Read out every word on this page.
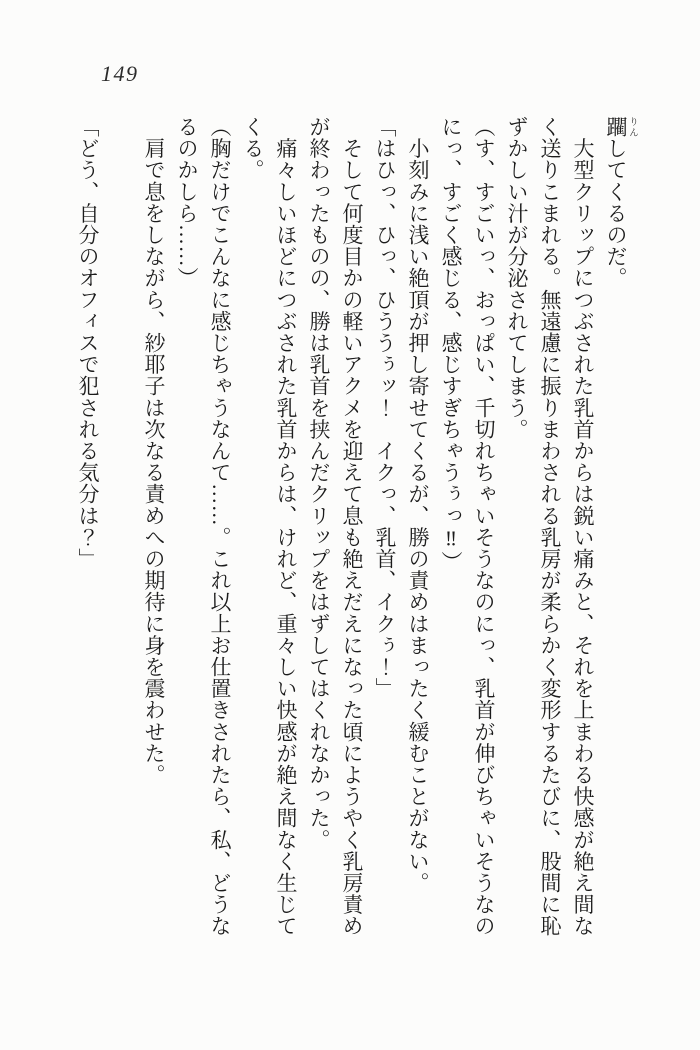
149
躙 りんしてくるのだ。
　大型クリップにつぶされた乳首からは鋭い痛みと、それを上まわる快感が絶え間な
く送りこまれる。無遠慮に振りまわされる乳房が柔らかく変形するたびに、股間に恥
ずかしい汁が分泌されてしまう。
（す、すごいっ、おっぱい、千切れちゃいそうなのにっ、乳首が伸びちゃいそうなの
にっ、すごく感じる、感じすぎちゃうぅっ‼）
　小刻みに浅い絶頂が押し寄せてくるが、勝の責めはまったく緩むことがない。
「はひっ、ひっ、ひううぅッ！　イクっ、乳首、イクぅ！」
　そして何度目かの軽いアクメを迎えて息も絶えだえになった頃にようやく乳房責め
が終わったものの、勝は乳首を挟んだクリップをはずしてはくれなかった。
　痛々しいほどにつぶされた乳首からは、けれど、重々しい快感が絶え間なく生じて
くる。
（胸だけでこんなに感じちゃうなんて……。これ以上お仕置きされたら、私、どうな
るのかしら……）
　肩で息をしながら、紗耶子は次なる責めへの期待に身を震わせた。
「どう、自分のオフィスで犯される気分は？」
